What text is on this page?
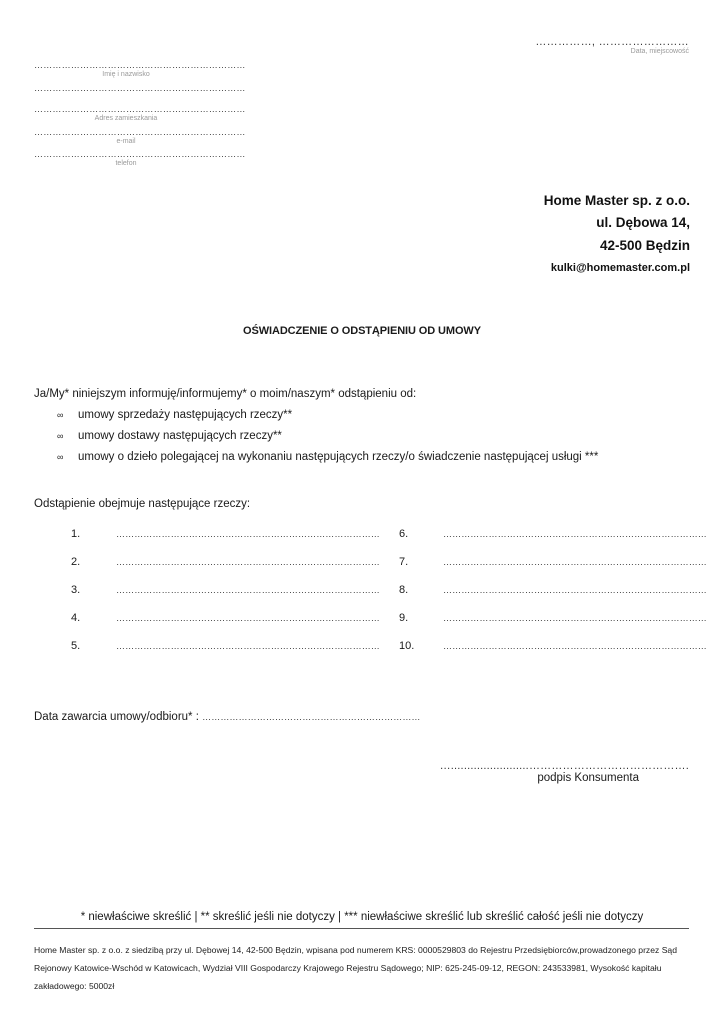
……………, ……………………
Data, miejscowość
……………………………………………………………
Imię i nazwisko
……………………………………………………………
……………………………………………………………
Adres zamieszkania
……………………………………………………………
e-mail
……………………………………………………………
telefon
Home Master sp. z o.o.
ul. Dębowa 14,
42-500 Będzin
kulki@homemaster.com.pl
OŚWIADCZENIE O ODSTĄPIENIU OD UMOWY
Ja/My* niniejszym informuję/informujemy* o moim/naszym* odstąpieniu od:
∞ umowy sprzedaży następujących rzeczy**
∞ umowy dostawy następujących rzeczy**
∞ umowy o dzieło polegającej na wykonaniu następujących rzeczy/o świadczenie następującej usługi ***
Odstąpienie obejmuje następujące rzeczy:
1.	……………………………………………………………………………
2.	……………………………………………………………………………
3.	……………………………………………………………………………
4.	……………………………………………………………………………
5.	……………………………………………………………………………
6.	……………………………………………………………………………
7.	……………………………………………………………………………
8.	……………………………………………………………………………
9.	……………………………………………………………………………
10.	……………………………………………………………………………
Data zawarcia umowy/odbioru* : ………………………………………………………………
…........................…………………………………….
podpis Konsumenta
* niewłaściwe skreślić | ** skreślić jeśli nie dotyczy | *** niewłaściwe skreślić lub skreślić całość jeśli nie dotyczy
Home Master sp. z o.o. z siedzibą przy ul. Dębowej 14, 42-500 Będzin, wpisana pod numerem KRS: 0000529803 do Rejestru Przedsiębiorców,prowadzonego przez Sąd
Rejonowy Katowice-Wschód w Katowicach, Wydział VIII Gospodarczy Krajowego Rejestru Sądowego; NIP: 625-245-09-12, REGON: 243533981, Wysokość kapitału
zakładowego: 5000zł
